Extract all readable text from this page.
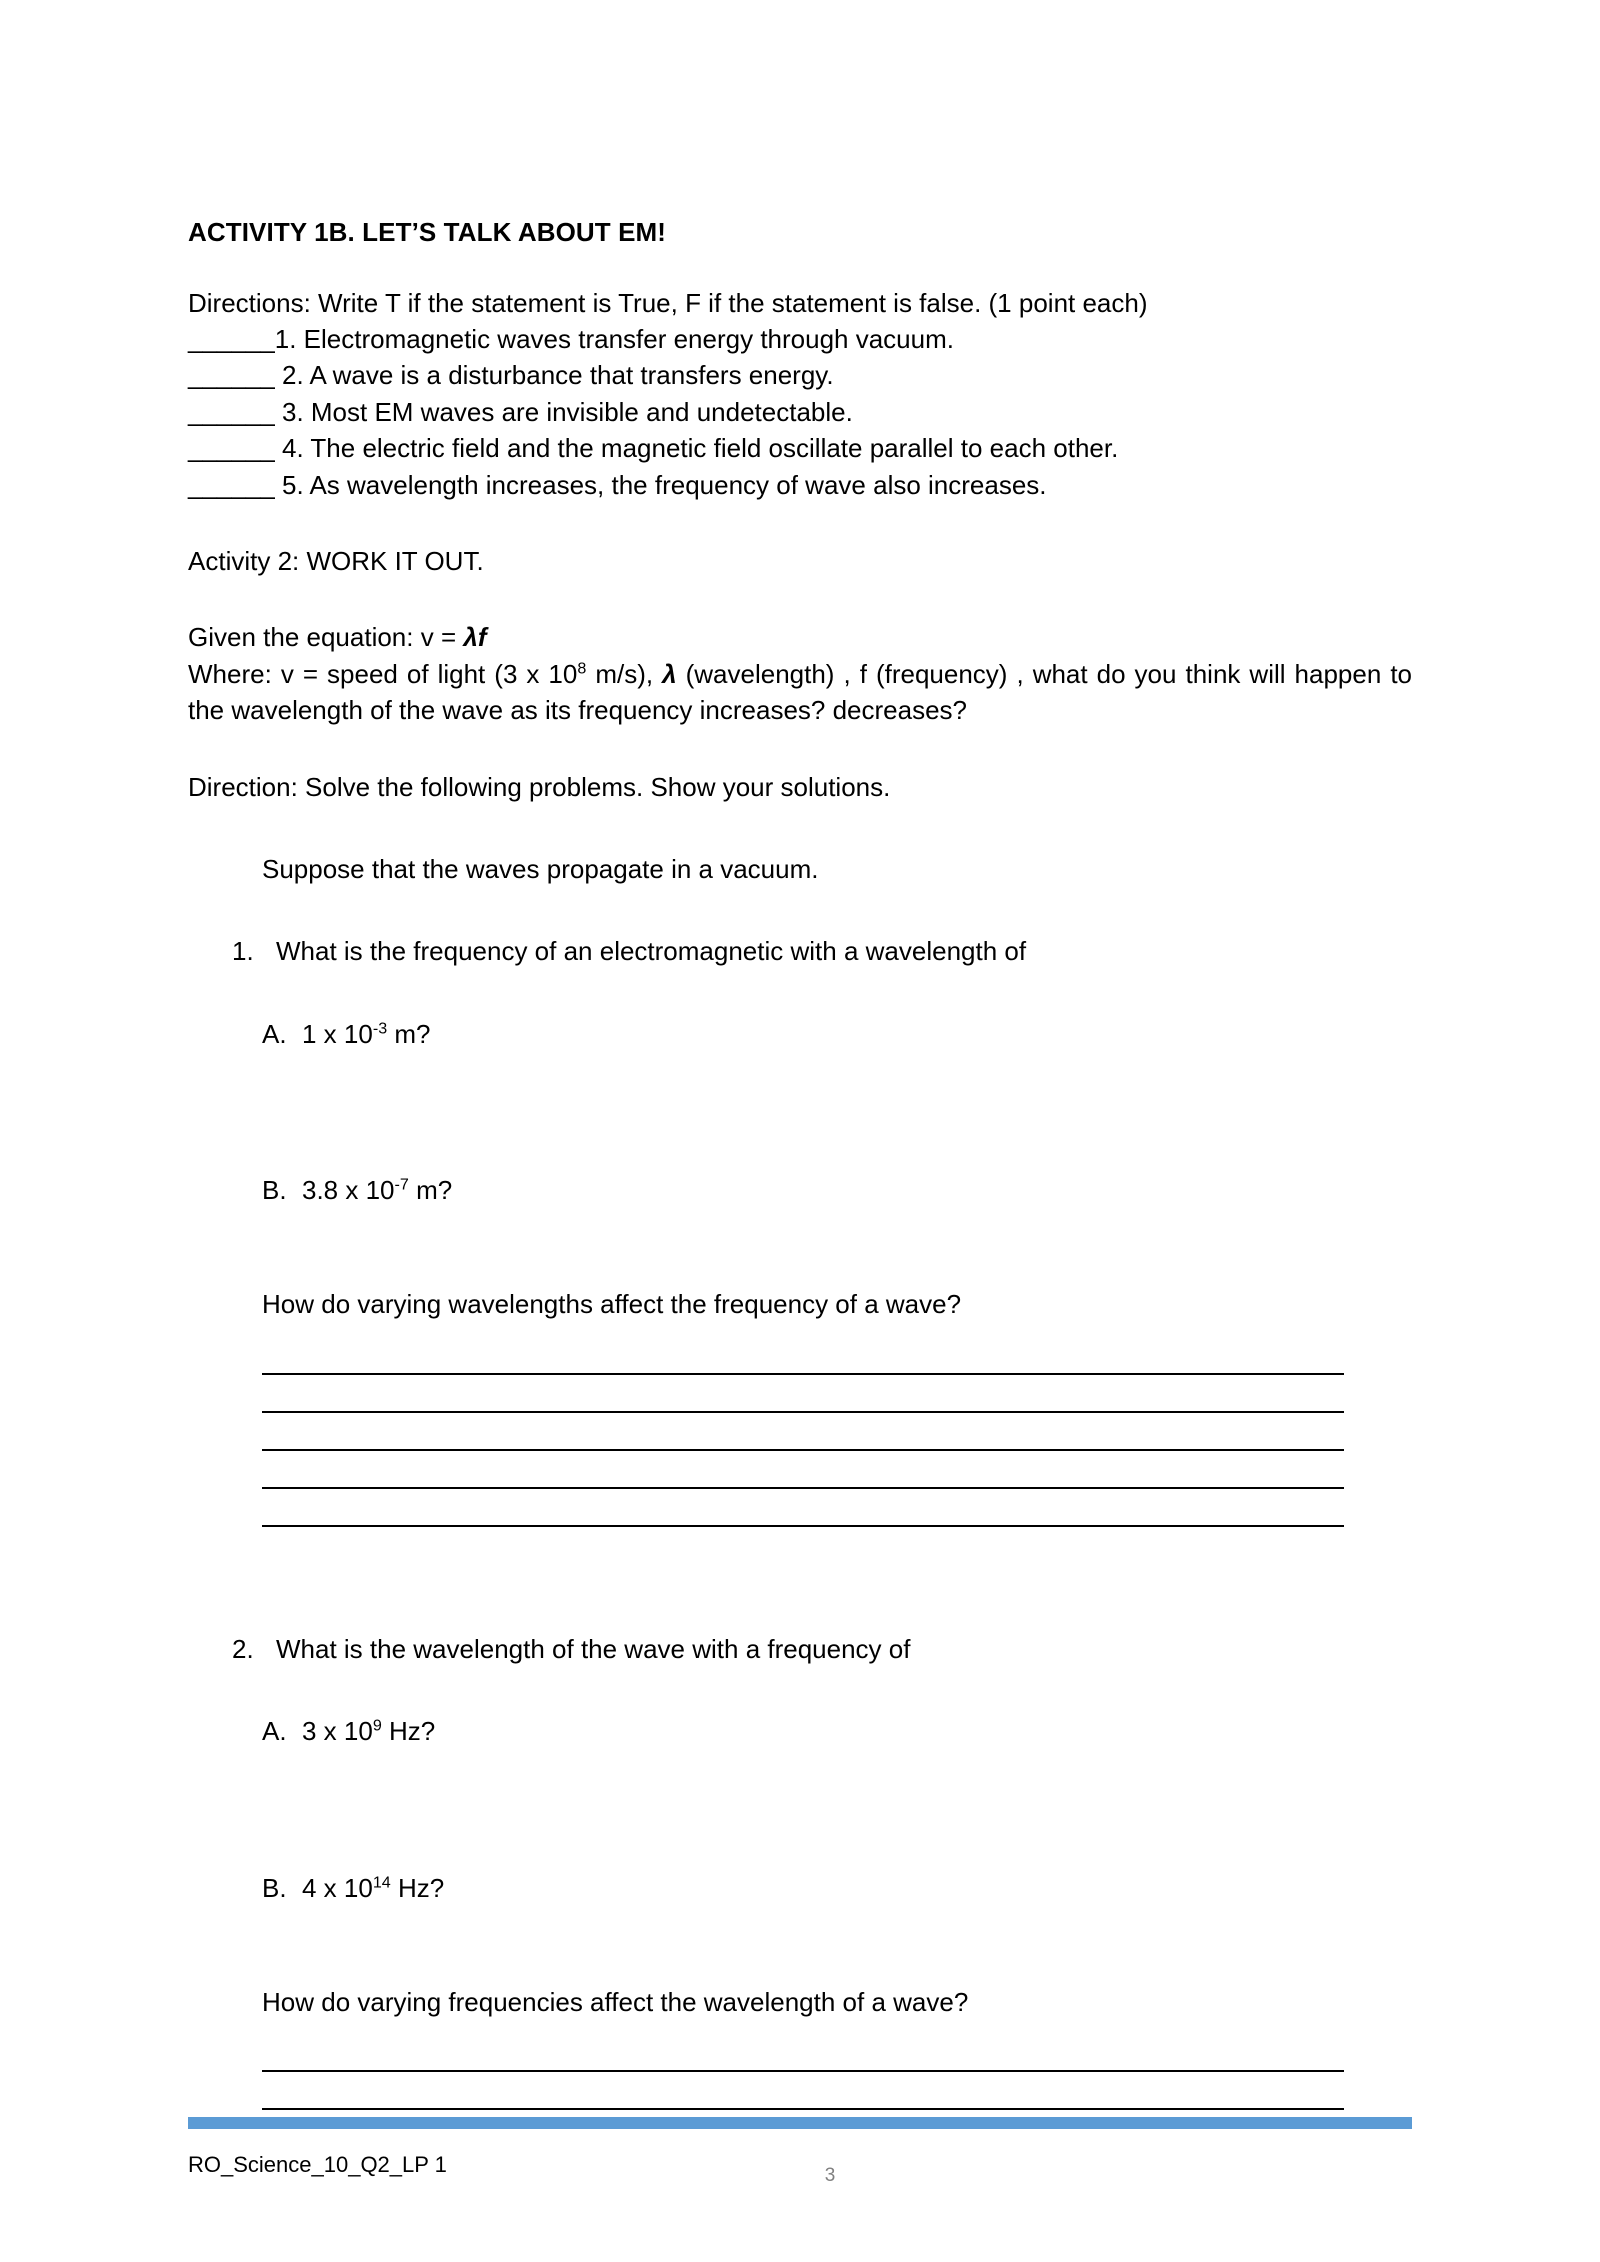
ACTIVITY 1B. LET’S TALK ABOUT EM!
Directions: Write T if the statement is True, F if the statement is false. (1 point each)
______1. Electromagnetic waves transfer energy through vacuum.
______ 2. A wave is a disturbance that transfers energy.
______ 3. Most EM waves are invisible and undetectable.
______ 4. The electric field and the magnetic field oscillate parallel to each other.
______ 5. As wavelength increases, the frequency of wave also increases.
Activity 2: WORK IT OUT.
Given the equation: v = λf
Where: v = speed of light (3 x $10^8$ m/s), λ (wavelength) , f (frequency) , what do you think will happen to the wavelength of the wave as its frequency increases? decreases?
Direction: Solve the following problems. Show your solutions.
Suppose that the waves propagate in a vacuum.
1. What is the frequency of an electromagnetic with a wavelength of
A. 1 x $10^{-3}$ m?
B. 3.8 x $10^{-7}$ m?
How do varying wavelengths affect the frequency of a wave?
2. What is the wavelength of the wave with a frequency of
A. 3 x $10^9$ Hz?
B. 4 x $10^{14}$ Hz?
How do varying frequencies affect the wavelength of a wave?
RO_Science_10_Q2_LP 1	3
